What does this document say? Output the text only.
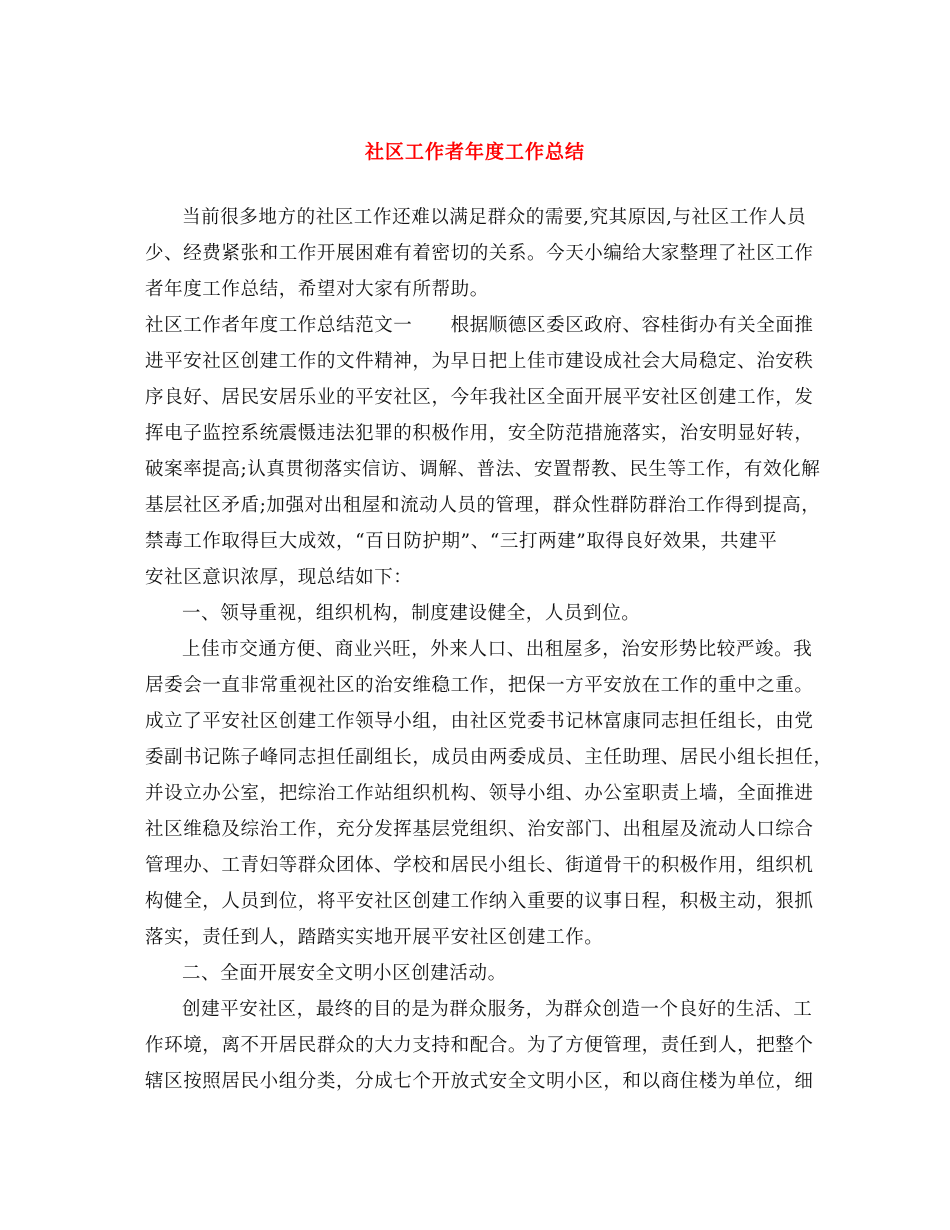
社区工作者年度工作总结
当前很多地方的社区工作还难以满足群众的需要,究其原因,与社区工作人员
少、经费紧张和工作开展困难有着密切的关系。今天小编给大家整理了社区工作
者年度工作总结，希望对大家有所帮助。
社区工作者年度工作总结范文一　　根据顺德区委区政府、容桂街办有关全面推
进平安社区创建工作的文件精神，为早日把上佳市建设成社会大局稳定、治安秩
序良好、居民安居乐业的平安社区，今年我社区全面开展平安社区创建工作，发
挥电子监控系统震慑违法犯罪的积极作用，安全防范措施落实，治安明显好转，
破案率提高;认真贯彻落实信访、调解、普法、安置帮教、民生等工作，有效化解
基层社区矛盾;加强对出租屋和流动人员的管理，群众性群防群治工作得到提高，
禁毒工作取得巨大成效，“百日防护期”、“三打两建”取得良好效果，共建平
安社区意识浓厚，现总结如下：
一、领导重视，组织机构，制度建设健全，人员到位。
上佳市交通方便、商业兴旺，外来人口、出租屋多，治安形势比较严竣。我
居委会一直非常重视社区的治安维稳工作，把保一方平安放在工作的重中之重。
成立了平安社区创建工作领导小组，由社区党委书记林富康同志担任组长，由党
委副书记陈子峰同志担任副组长，成员由两委成员、主任助理、居民小组长担任，
并设立办公室，把综治工作站组织机构、领导小组、办公室职责上墙，全面推进
社区维稳及综治工作，充分发挥基层党组织、治安部门、出租屋及流动人口综合
管理办、工青妇等群众团体、学校和居民小组长、街道骨干的积极作用，组织机
构健全，人员到位，将平安社区创建工作纳入重要的议事日程，积极主动，狠抓
落实，责任到人，踏踏实实地开展平安社区创建工作。
二、全面开展安全文明小区创建活动。
创建平安社区，最终的目的是为群众服务，为群众创造一个良好的生活、工
作环境，离不开居民群众的大力支持和配合。为了方便管理，责任到人，把整个
辖区按照居民小组分类，分成七个开放式安全文明小区，和以商住楼为单位，细
